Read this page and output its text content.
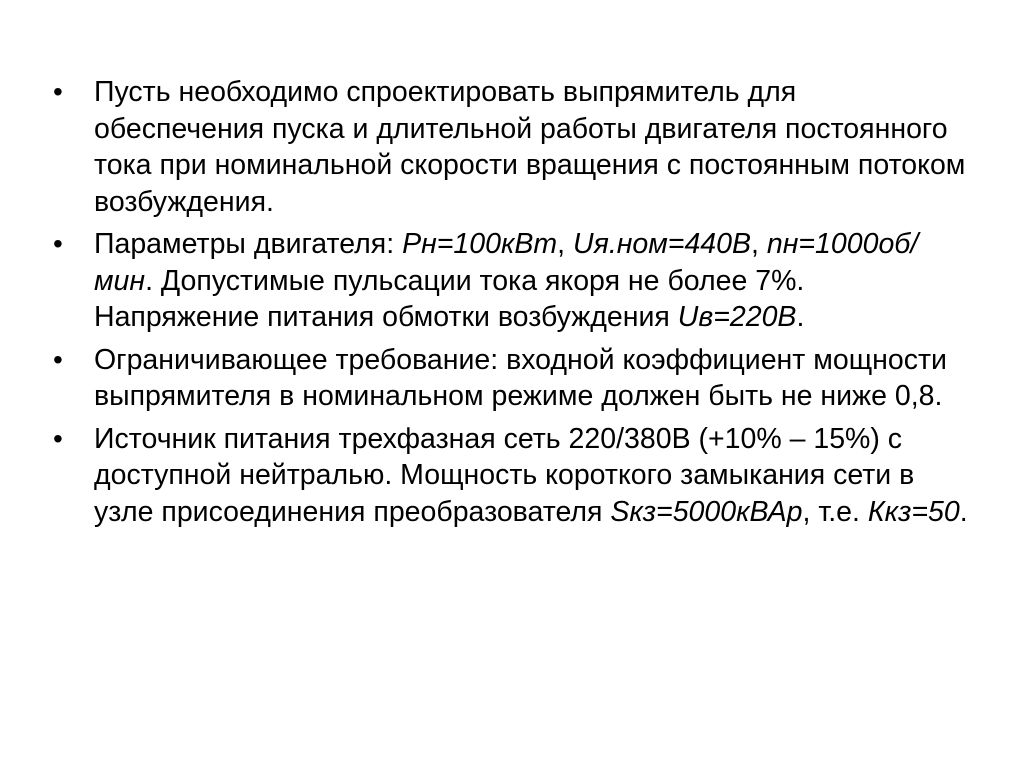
•	Пусть необходимо спроектировать выпрямитель для обеспечения пуска и длительной работы двигателя постоянного тока при номинальной скорости вращения с постоянным потоком возбуждения.
•	Параметры двигателя: Pн=100кВт, Uя.ном=440В, nн=1000об/мин. Допустимые пульсации тока якоря не более 7%. Напряжение питания обмотки возбуждения Uв=220В.
•	Ограничивающее требование: входной коэффициент мощности выпрямителя в номинальном режиме должен быть не ниже 0,8.
•	Источник питания трехфазная сеть 220/380В (+10% – 15%) с доступной нейтралью. Мощность короткого замыкания сети в узле присоединения преобразователя Sкз=5000кВАр, т.е. Ккз=50.
